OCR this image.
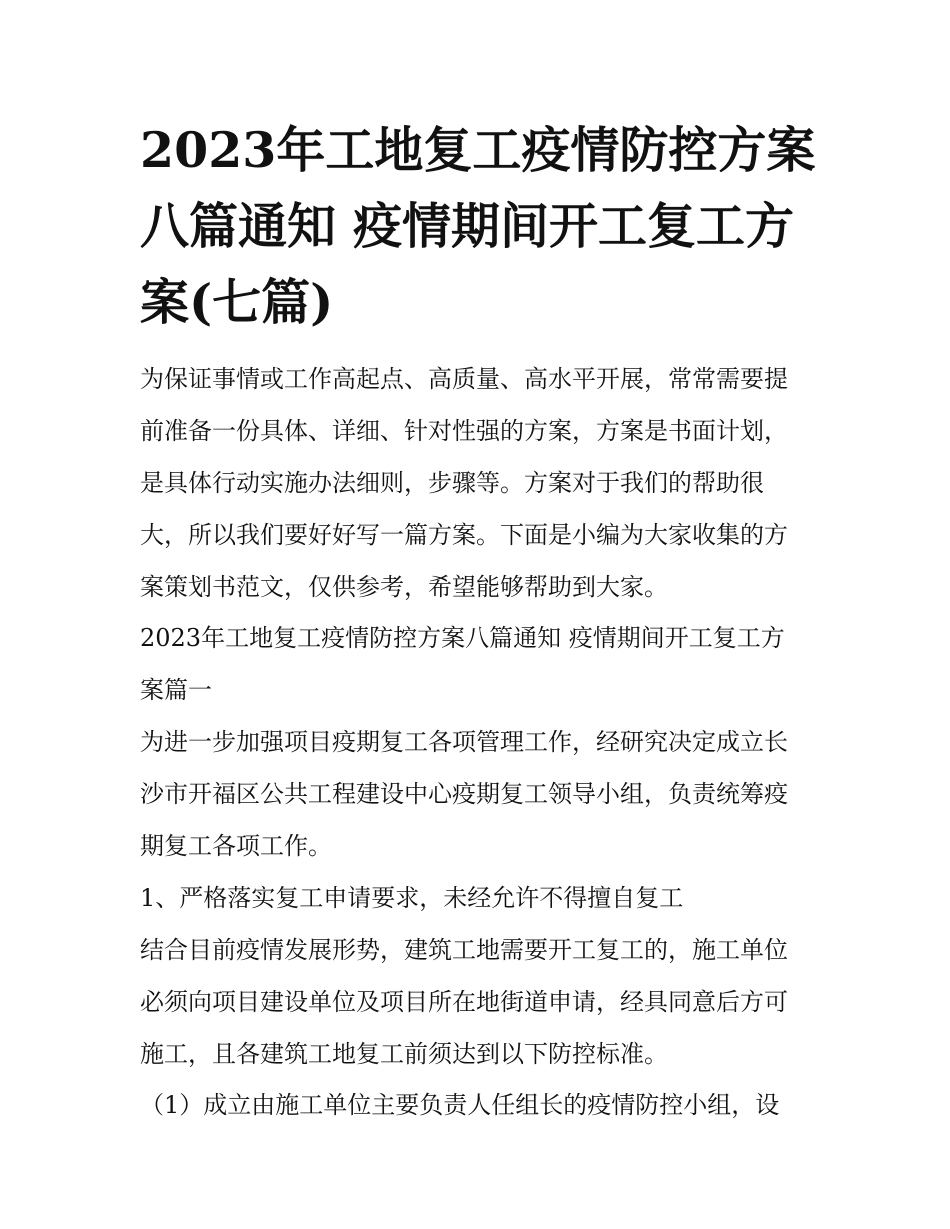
2023年工地复工疫情防控方案
八篇通知 疫情期间开工复工方
案(七篇)
为保证事情或工作高起点、高质量、高水平开展，常常需要提
前准备一份具体、详细、针对性强的方案，方案是书面计划，
是具体行动实施办法细则，步骤等。方案对于我们的帮助很
大，所以我们要好好写一篇方案。下面是小编为大家收集的方
案策划书范文，仅供参考，希望能够帮助到大家。
2023年工地复工疫情防控方案八篇通知 疫情期间开工复工方
案篇一
为进一步加强项目疫期复工各项管理工作，经研究决定成立长
沙市开福区公共工程建设中心疫期复工领导小组，负责统筹疫
期复工各项工作。
1、严格落实复工申请要求，未经允许不得擅自复工
结合目前疫情发展形势，建筑工地需要开工复工的，施工单位
必须向项目建设单位及项目所在地街道申请，经具同意后方可
施工，且各建筑工地复工前须达到以下防控标准。
（1）成立由施工单位主要负责人任组长的疫情防控小组，设
